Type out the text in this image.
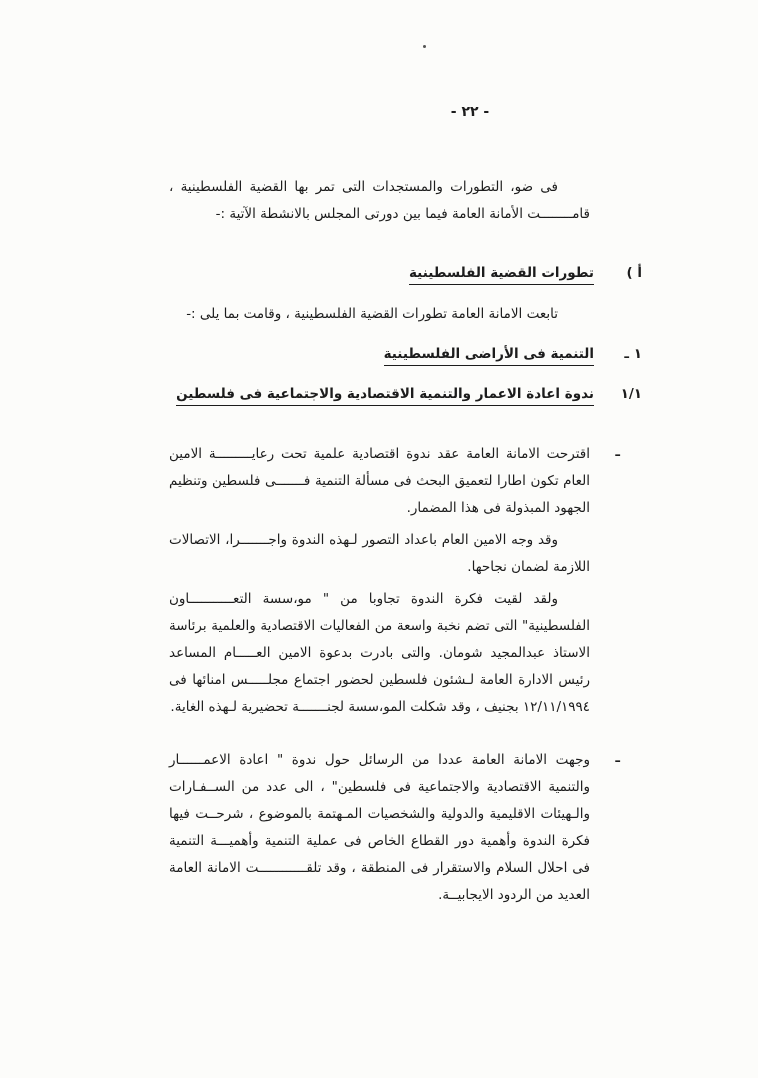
- ٢٢ -

فى ضو، التطورات والمستجدات التى تمر بها القضية الفلسطينية ، قامــــــــت الأمانة العامة فيما بين دورتى المجلس بالانشطة الآتية :-

أ )تطورات القضية الفلسطينية

تابعت الامانة العامة تطورات القضية الفلسطينية ، وقامت بما يلى :-

١ ـالتنمية فى الأراضى الفلسطينية
١/١ندوة اعادة الاعمار والتنمية الاقتصادية والاجتماعية فى فلسطين
ـ

اقترحت الامانة العامة عقد ندوة اقتصادية علمية تحت رعايـــــــــة الامين العام تكون اطارا لتعميق البحث فى مسألة التنمية فـــــــى فلسطين وتنظيم الجهود المبذولة فى هذا المضمار.

وقد وجه الامين العام باعداد التصور لـهذه الندوة واجـــــــرا، الاتصالات اللازمة لضمان نجاحها.

ولقد لقيت فكرة الندوة تجاوبا من " مو،سسة التعـــــــــــاون الفلسطينية" التى تضم نخبة واسعة من الفعاليات الاقتصادية والعلمية برئاسة الاستاذ عبدالمجيد شومان. والتى بادرت بدعوة الامين العـــــام المساعد رئيس الادارة العامة لـشئون فلسطين لحضور اجتماع مجلـــــس امنائها فى ١٢/١١/١٩٩٤ بجنيف ، وقد شكلت المو،سسة لجنـــــــة تحضيرية لـهذه الغاية.

ـ

وجهت الامانة العامة عددا من الرسائل حول ندوة " اعادة الاعمــــــار والتنمية الاقتصادية والاجتماعية فى فلسطين" ، الى عدد من الســفـارات والـهيئات الاقليمية والدولية والشخصيات المـهتمة بالموضوع ، شرحــت فيها فكرة الندوة وأهمية دور القطاع الخاص فى عملية التنمية وأهميـــة التنمية فى احلال السلام والاستقرار فى المنطقة ، وقد تلقــــــــــــت الامانة العامة العديد من الردود الايجابيــة.
